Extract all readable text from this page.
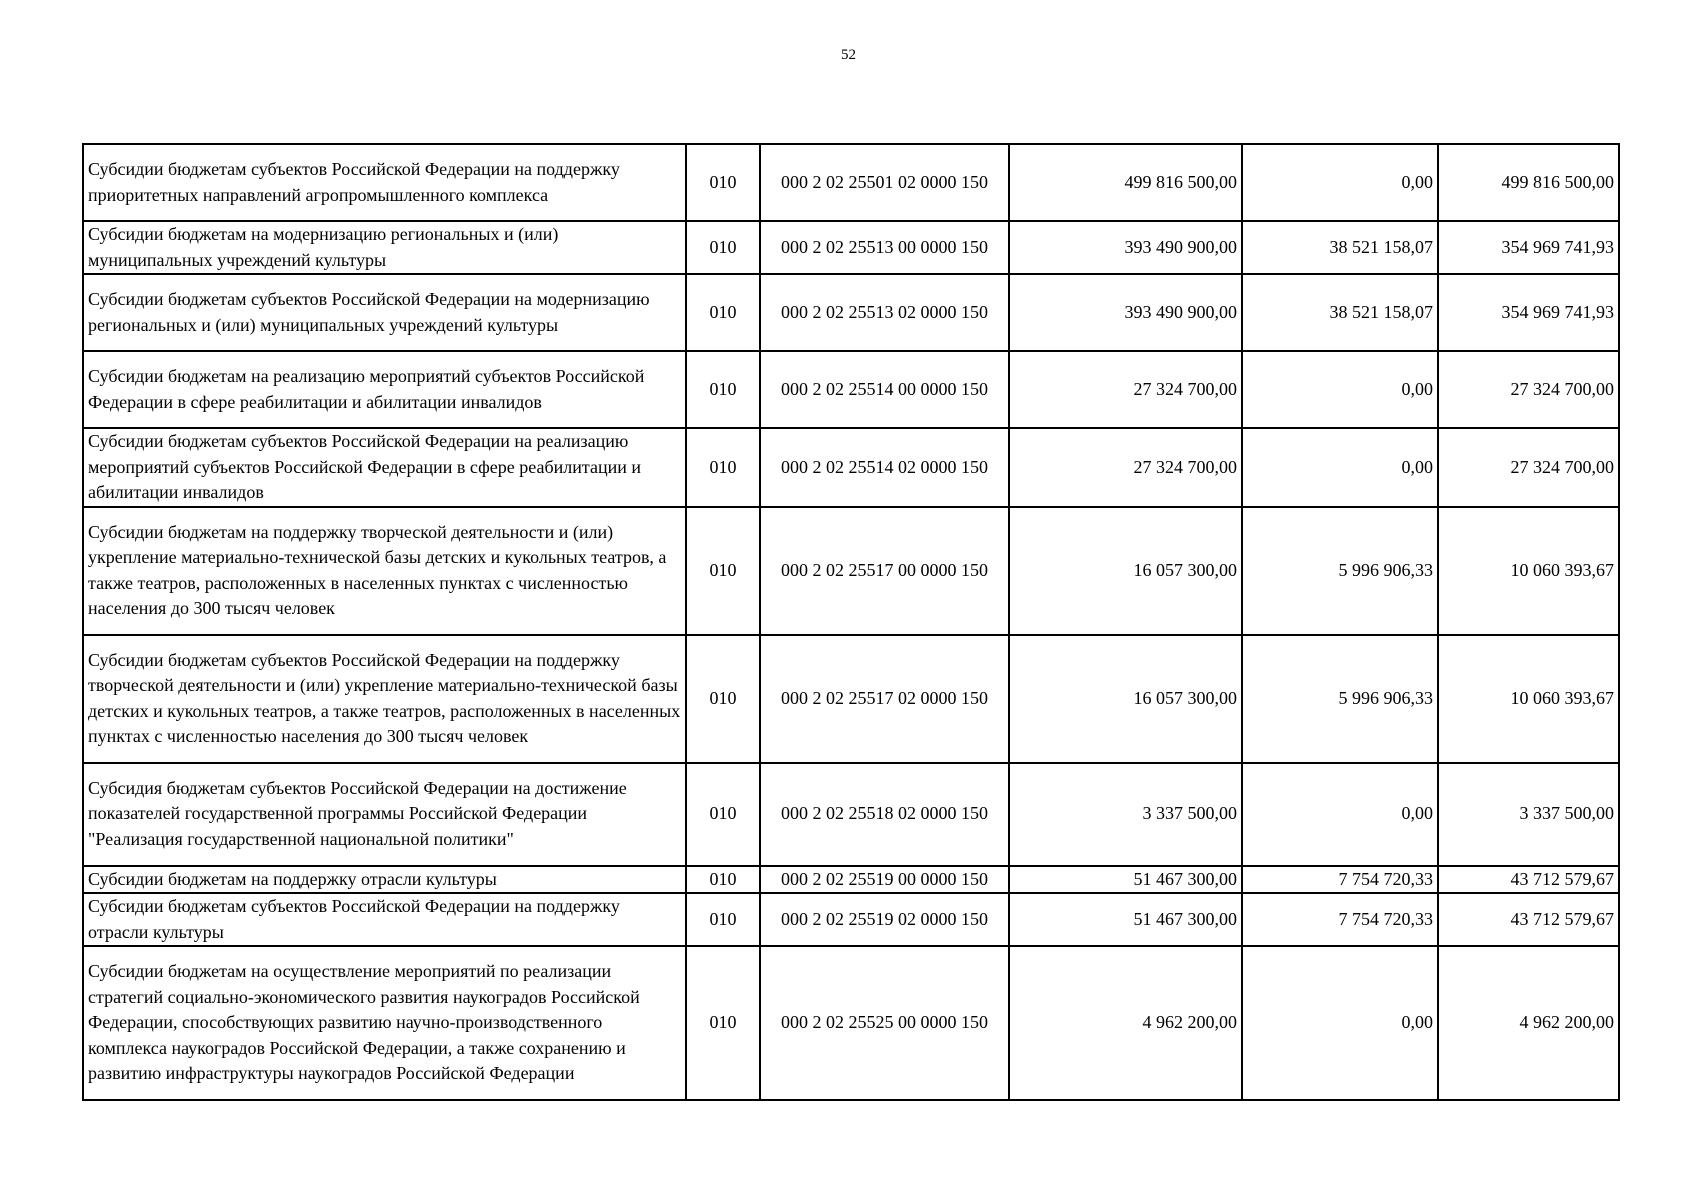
52
Субсидии бюджетам субъектов Российской Федерации на поддержку приоритетных направлений агропромышленного комплекса	010	000 2 02 25501 02 0000 150	499 816 500,00	0,00	499 816 500,00
Субсидии бюджетам на модернизацию региональных и (или) муниципальных учреждений культуры	010	000 2 02 25513 00 0000 150	393 490 900,00	38 521 158,07	354 969 741,93
Субсидии бюджетам субъектов Российской Федерации на модернизацию региональных и (или) муниципальных учреждений культуры	010	000 2 02 25513 02 0000 150	393 490 900,00	38 521 158,07	354 969 741,93
Субсидии бюджетам на реализацию мероприятий субъектов Российской Федерации в сфере реабилитации и абилитации инвалидов	010	000 2 02 25514 00 0000 150	27 324 700,00	0,00	27 324 700,00
Субсидии бюджетам субъектов Российской Федерации на реализацию мероприятий субъектов Российской Федерации в сфере реабилитации и абилитации инвалидов	010	000 2 02 25514 02 0000 150	27 324 700,00	0,00	27 324 700,00
Субсидии бюджетам на поддержку творческой деятельности и (или) укрепление материально-технической базы детских и кукольных театров, а также театров, расположенных в населенных пунктах с численностью населения до 300 тысяч человек	010	000 2 02 25517 00 0000 150	16 057 300,00	5 996 906,33	10 060 393,67
Субсидии бюджетам субъектов Российской Федерации на поддержку творческой деятельности и (или) укрепление материально-технической базы детских и кукольных театров, а также театров, расположенных в населенных пунктах с численностью населения до 300 тысяч человек	010	000 2 02 25517 02 0000 150	16 057 300,00	5 996 906,33	10 060 393,67
Субсидия бюджетам субъектов Российской Федерации на достижение показателей государственной программы Российской Федерации "Реализация государственной национальной политики"	010	000 2 02 25518 02 0000 150	3 337 500,00	0,00	3 337 500,00
Субсидии бюджетам на поддержку отрасли культуры	010	000 2 02 25519 00 0000 150	51 467 300,00	7 754 720,33	43 712 579,67
Субсидии бюджетам субъектов Российской Федерации на поддержку отрасли культуры	010	000 2 02 25519 02 0000 150	51 467 300,00	7 754 720,33	43 712 579,67
Субсидии бюджетам на осуществление мероприятий по реализации стратегий социально-экономического развития наукоградов Российской Федерации, способствующих развитию научно-производственного комплекса наукоградов Российской Федерации, а также сохранению и развитию инфраструктуры наукоградов Российской Федерации	010	000 2 02 25525 00 0000 150	4 962 200,00	0,00	4 962 200,00
